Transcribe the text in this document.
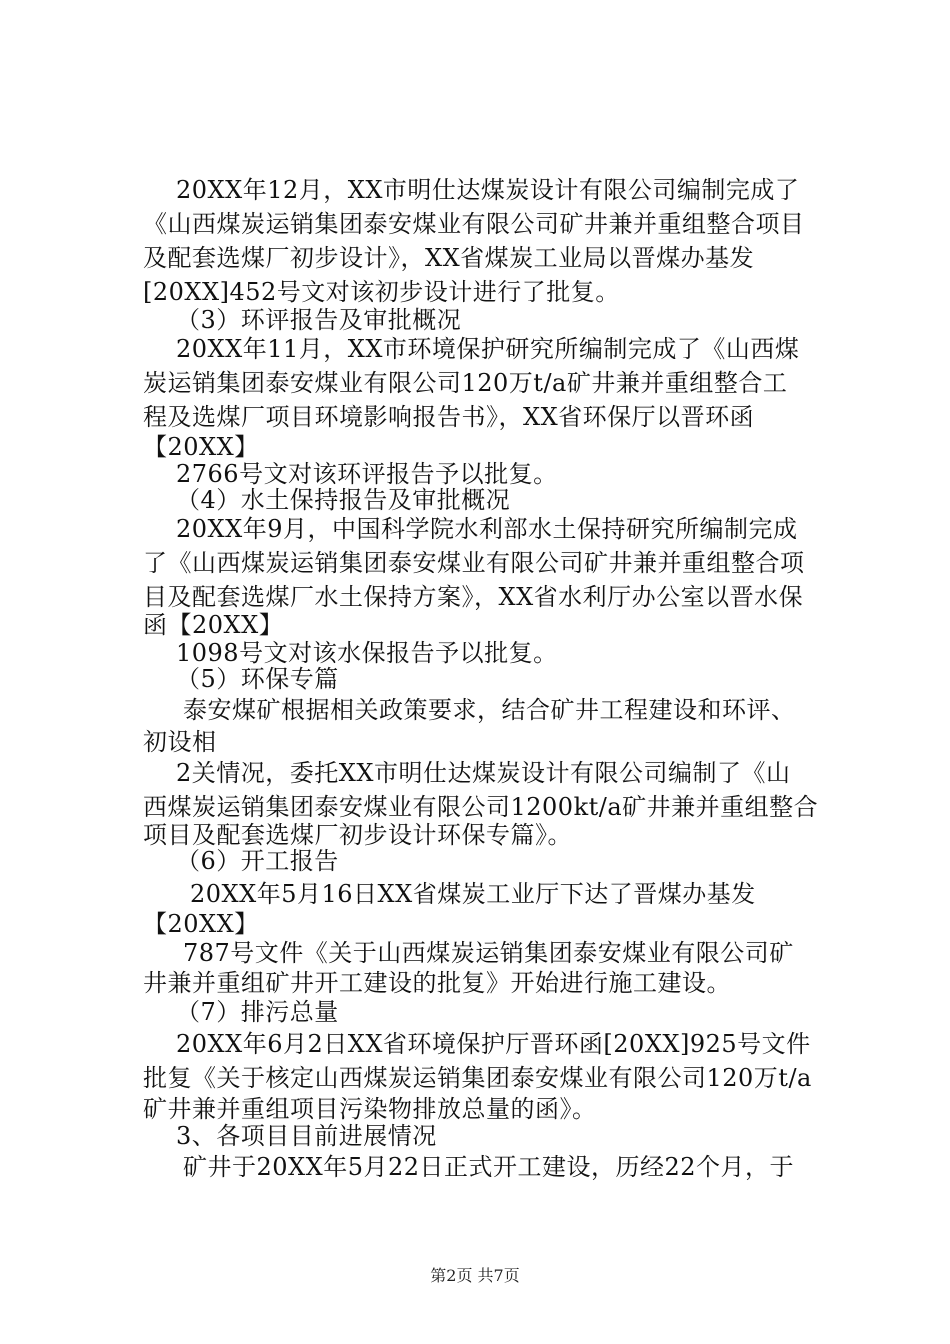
20XX年12月，XX市明仕达煤炭设计有限公司编制完成了
《山西煤炭运销集团泰安煤业有限公司矿井兼并重组整合项目
及配套选煤厂初步设计》，XX省煤炭工业局以晋煤办基发
[20XX]452号文对该初步设计进行了批复。
（3）环评报告及审批概况
20XX年11月，XX市环境保护研究所编制完成了《山西煤
炭运销集团泰安煤业有限公司120万t/a矿井兼并重组整合工
程及选煤厂项目环境影响报告书》，XX省环保厅以晋环函
【20XX】
2766号文对该环评报告予以批复。
（4）水土保持报告及审批概况
20XX年9月，中国科学院水利部水土保持研究所编制完成
了《山西煤炭运销集团泰安煤业有限公司矿井兼并重组整合项
目及配套选煤厂水土保持方案》，XX省水利厅办公室以晋水保
函【20XX】
1098号文对该水保报告予以批复。
（5）环保专篇
泰安煤矿根据相关政策要求，结合矿井工程建设和环评、
初设相
2关情况，委托XX市明仕达煤炭设计有限公司编制了《山
西煤炭运销集团泰安煤业有限公司1200kt/a矿井兼并重组整合
项目及配套选煤厂初步设计环保专篇》。
（6）开工报告
20XX年5月16日XX省煤炭工业厅下达了晋煤办基发
【20XX】
787号文件《关于山西煤炭运销集团泰安煤业有限公司矿
井兼并重组矿井开工建设的批复》开始进行施工建设。
（7）排污总量
20XX年6月2日XX省环境保护厅晋环函[20XX]925号文件
批复《关于核定山西煤炭运销集团泰安煤业有限公司120万t/a
矿井兼并重组项目污染物排放总量的函》。
3、各项目目前进展情况
矿井于20XX年5月22日正式开工建设，历经22个月，于
第2页 共7页
